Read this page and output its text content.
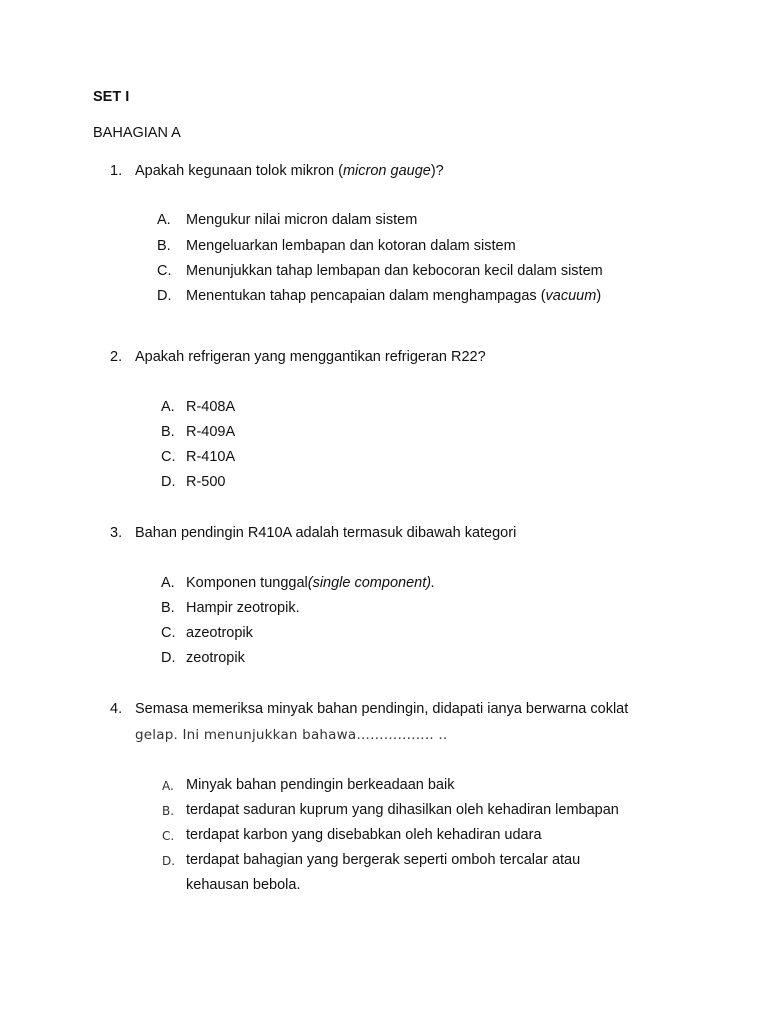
SET I
BAHAGIAN A
1. Apakah kegunaan tolok mikron (micron gauge)?
A. Mengukur nilai micron dalam sistem
B. Mengeluarkan lembapan dan kotoran dalam sistem
C. Menunjukkan tahap lembapan dan kebocoran kecil dalam sistem
D. Menentukan tahap pencapaian dalam menghampagas (vacuum)
2. Apakah refrigeran yang menggantikan refrigeran R22?
A. R-408A
B. R-409A
C. R-410A
D. R-500
3. Bahan pendingin R410A adalah termasuk dibawah kategori
A. Komponen tunggal(single component).
B. Hampir zeotropik.
C. azeotropik
D. zeotropik
4. Semasa memeriksa minyak bahan pendingin, didapati ianya berwarna coklat
gelap. Ini menunjukkan bahawa…………….. ..
A. Minyak bahan pendingin berkeadaan baik
B. terdapat saduran kuprum yang dihasilkan oleh kehadiran lembapan
C. terdapat karbon yang disebabkan oleh kehadiran udara
D. terdapat bahagian yang bergerak seperti omboh tercalar atau
kehausan bebola.
